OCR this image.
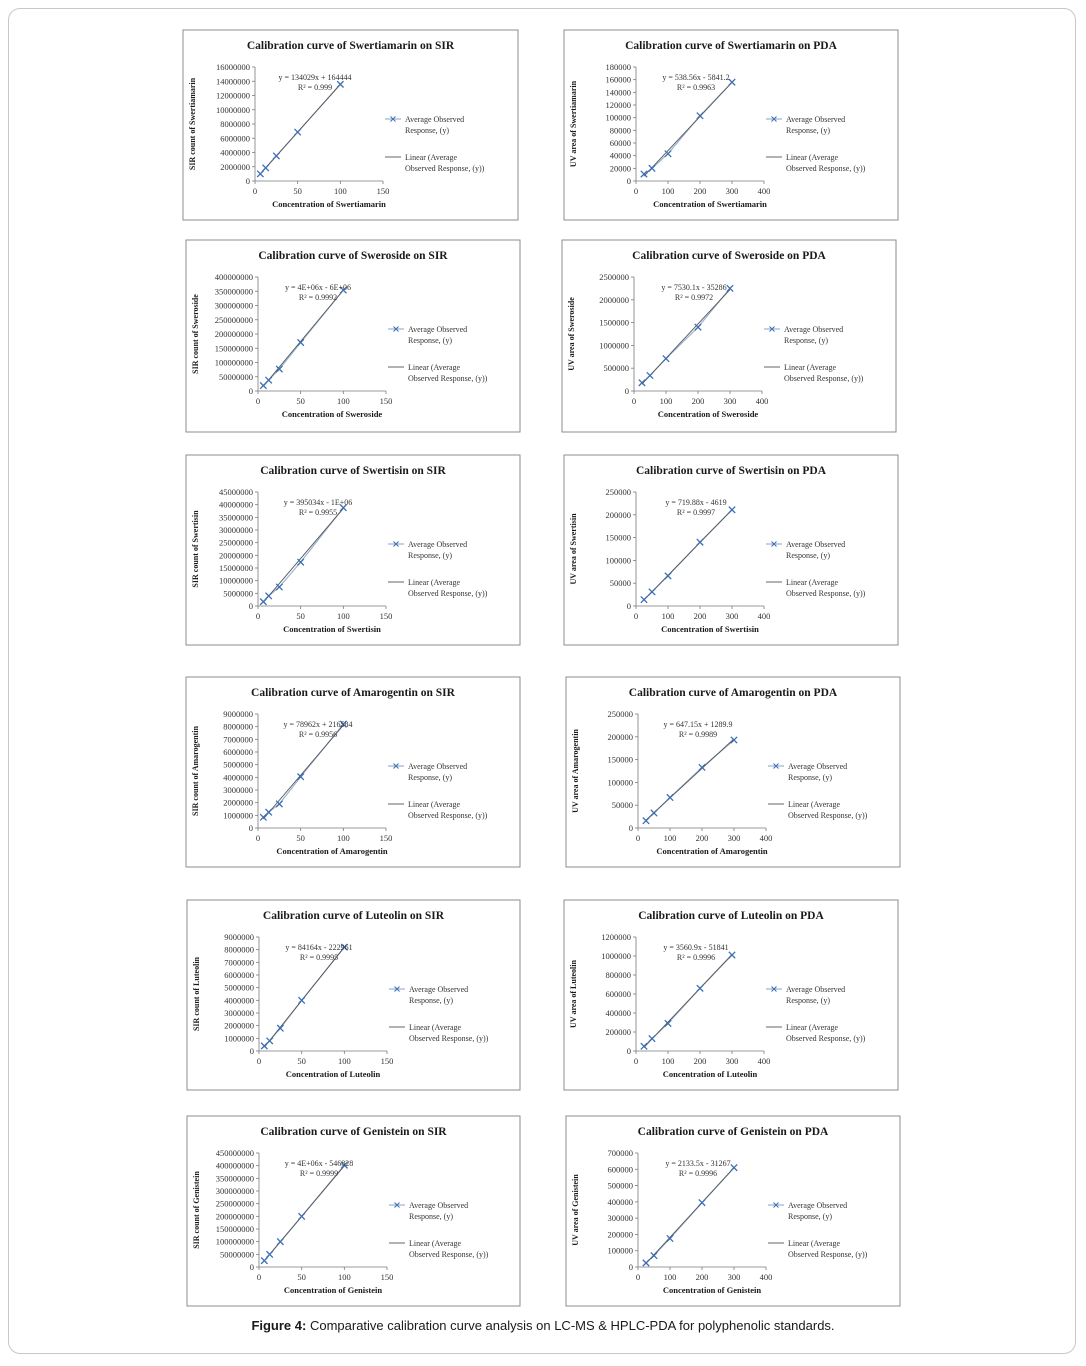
Calibration curve of Swertiamarin on SIR
0
2000000
4000000
6000000
8000000
10000000
12000000
14000000
16000000
0	50	100	150
Concentration of Swertiamarin
SIR count of Swertiamarin
y = 134029x + 164444
R² = 0.999
Average Observed Response, (y)
Linear (Average Observed Response, (y))
Calibration curve of Swertiamarin on PDA
0
20000
40000
60000
80000
100000
120000
140000
160000
180000
0	100 200 300 400
Concentration of Swertiamarin
UV area of Swertiamarin
y = 538.56x - 5841.2
R² = 0.9963
Average Observed Response, (y)
Linear (Average Observed Response, (y))
Calibration curve of Sweroside on SIR
0
50000000
100000000
150000000
200000000
250000000
300000000
350000000
400000000
0	50	100	150
Concentration of Sweroside
SIR count of Sweroside
y = 4E+06x - 6E+06
R² = 0.9992
Average Observed Response, (y)
Linear (Average Observed Response, (y))
Calibration curve of Sweroside on PDA
0
500000
1000000
1500000
2000000
2500000
0	100 200 300 400
Concentration of Sweroside
UV area of Sweroside
y = 7530.1x - 35286
R² = 0.9972
Average Observed Response, (y)
Linear (Average Observed Response, (y))
Calibration curve of Swertisin on SIR
0
5000000
10000000
15000000
20000000
25000000
30000000
35000000
40000000
45000000
0	50	100	150
Concentration of Swertisin
SIR count of Swertisin
y = 395034x - 1E+06
R² = 0.9955
Average Observed Response, (y)
Linear (Average Observed Response, (y))
Calibration curve of Swertisin on PDA
0
50000
100000
150000
200000
250000
0	100 200 300 400
Concentration of Swertisin
UV area of Swertisin
y = 719.88x - 4619
R² = 0.9997
Average Observed Response, (y)
Linear (Average Observed Response, (y))
Calibration curve of Amarogentin on SIR
0
1000000
2000000
3000000
4000000
5000000
6000000
7000000
8000000
9000000
0	50	100	150
Concentration of Amarogentin
SIR count of Amarogentin
y = 78962x + 216584
R² = 0.9956
Average Observed Response, (y)
Linear (Average Observed Response, (y))
Calibration curve of Amarogentin on PDA
0
50000
100000
150000
200000
250000
0	100 200 300 400
Concentration of Amarogentin
UV area of Amarogentin
y = 647.15x + 1289.9
R² = 0.9989
Average Observed Response, (y)
Linear (Average Observed Response, (y))
Calibration curve of Luteolin on SIR
0
1000000
2000000
3000000
4000000
5000000
6000000
7000000
8000000
9000000
0	50	100	150
Concentration of Luteolin
SIR count of Luteolin
y = 84164x - 222961
R² = 0.9995
Average Observed Response, (y)
Linear (Average Observed Response, (y))
Calibration curve of Luteolin on PDA
0
200000
400000
600000
800000
1000000
1200000
0	100 200 300 400
Concentration of Luteolin
UV area of Luteolin
y = 3560.9x - 51841
R² = 0.9996
Average Observed Response, (y)
Linear (Average Observed Response, (y))
Calibration curve of Genistein on SIR
0
50000000
100000000
150000000
200000000
250000000
300000000
350000000
400000000
450000000
0	50	100	150
Concentration of Genistein
SIR count of Genistein
y = 4E+06x - 546828
R² = 0.9999
Average Observed Response, (y)
Linear (Average Observed Response, (y))
Calibration curve of Genistein on PDA
0
100000
200000
300000
400000
500000
600000
700000
0	100 200 300 400
Concentration of Genistein
UV area of Genistein
y = 2133.5x - 31267
R² = 0.9996
Average Observed Response, (y)
Linear (Average Observed Response, (y))
Figure 4: Comparative calibration curve analysis on LC-MS & HPLC-PDA for polyphenolic standards.
